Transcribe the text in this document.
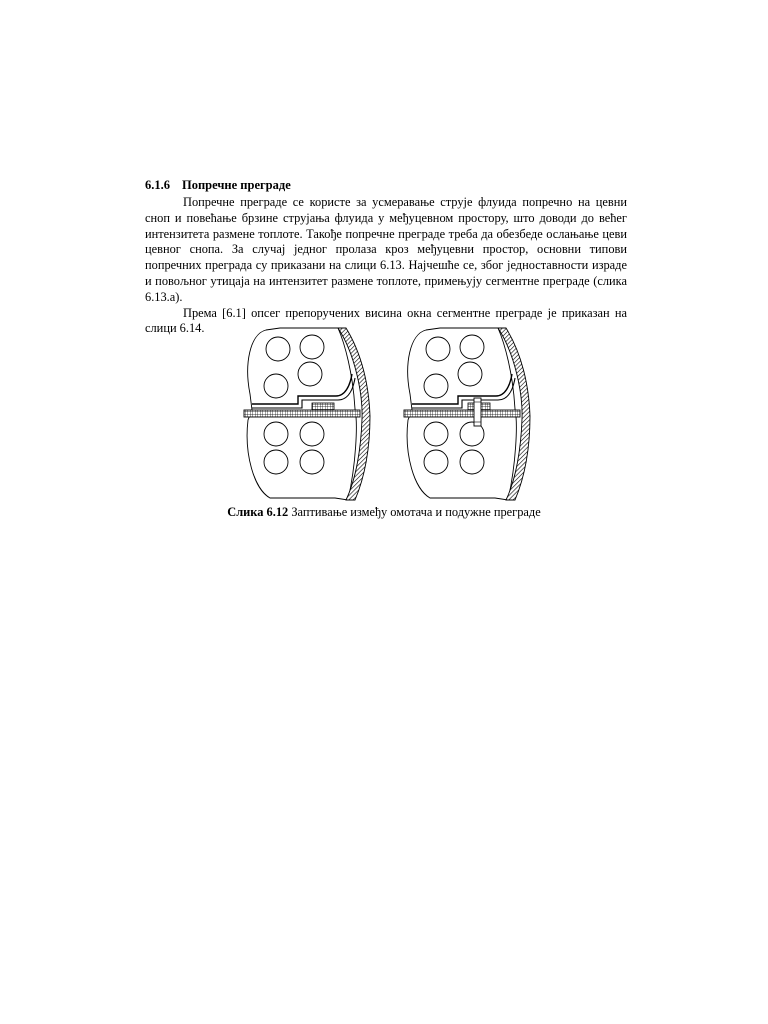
6.1.6 Попречне преграде

Попречне преграде се користе за усмеравање струје флуида попречно на цевни сноп и повећање брзине струјања флуида у међуцевном простору, што доводи до већег интензитета размене топлоте. Такође попречне преграде треба да обезбеде ослањање цеви цевног снопа. За случај једног пролаза кроз међуцевни простор, основни типови попречних преграда су приказани на слици 6.13. Најчешће се, због једноставности израде и повољног утицаја на интензитет размене топлоте, примењују сегментне преграде (слика 6.13.а).

Према [6.1] опсег препоручених висина окна сегментне преграде је приказан на слици 6.14.

Слика 6.12 Заптивање између омотача и подужне преграде
